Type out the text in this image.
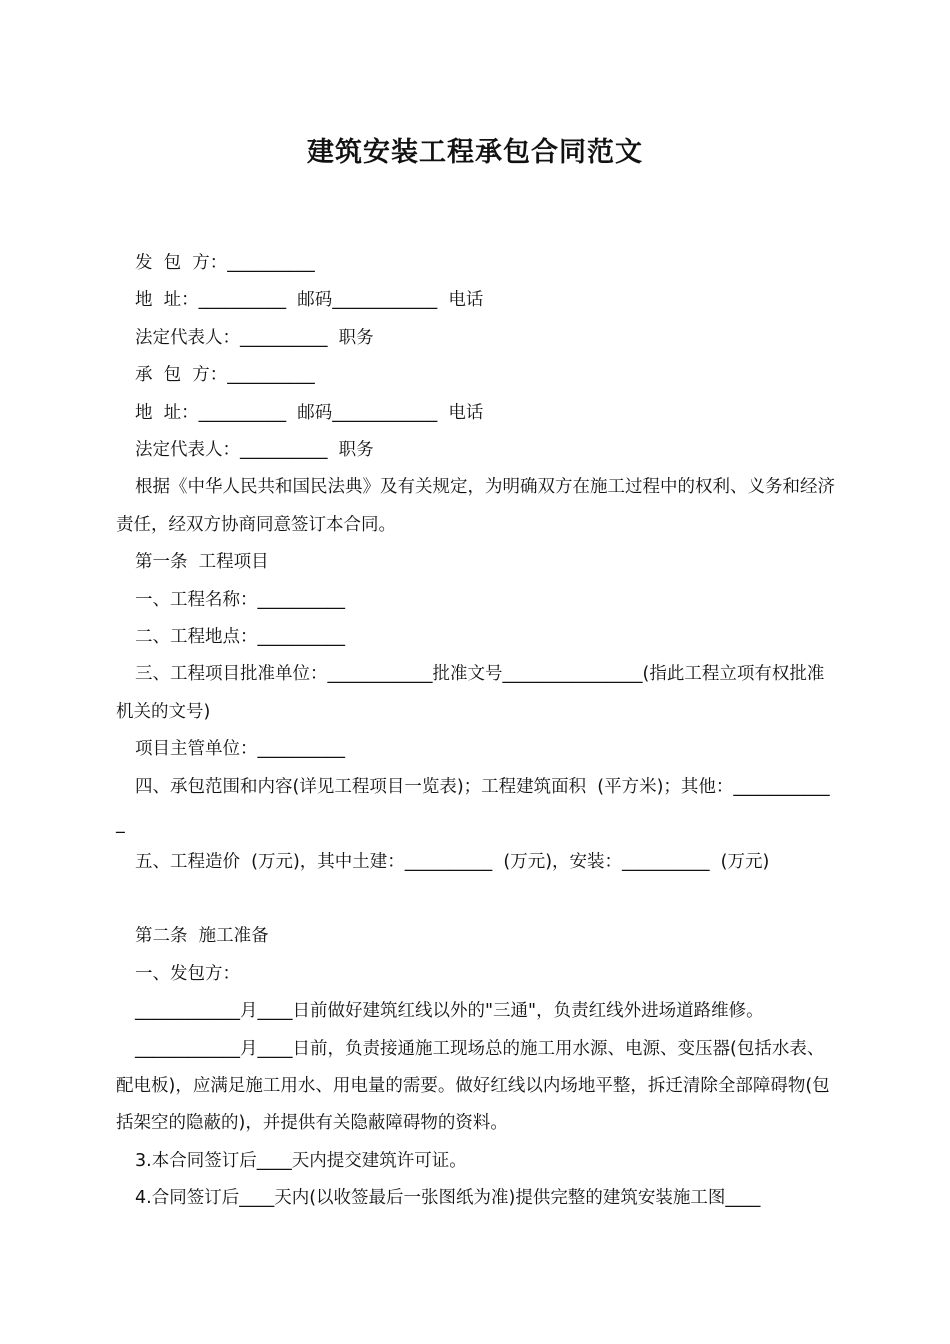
建筑安装工程承包合同范文

发  包  方：__________

地  址：__________  邮码____________  电话

法定代表人：__________  职务

承  包  方：__________

地  址：__________  邮码____________  电话

法定代表人：__________  职务

根据《中华人民共和国民法典》及有关规定，为明确双方在施工过程中的权利、义务和经济责任，经双方协商同意签订本合同。

第一条  工程项目

一、工程名称：__________

二、工程地点：__________

三、工程项目批准单位：____________批准文号________________(指此工程立项有权批准机关的文号)

项目主管单位：__________

四、承包范围和内容(详见工程项目一览表)；工程建筑面积  (平方米)；其他：____________

五、工程造价  (万元)，其中土建：__________  (万元)，安装：__________  (万元)

第二条  施工准备

一、发包方：

____________月____日前做好建筑红线以外的"三通"，负责红线外进场道路维修。

____________月____日前，负责接通施工现场总的施工用水源、电源、变压器(包括水表、配电板)，应满足施工用水、用电量的需要。做好红线以内场地平整，拆迁清除全部障碍物(包括架空的隐蔽的)，并提供有关隐蔽障碍物的资料。

3.本合同签订后____天内提交建筑许可证。

4.合同签订后____天内(以收签最后一张图纸为准)提供完整的建筑安装施工图____
